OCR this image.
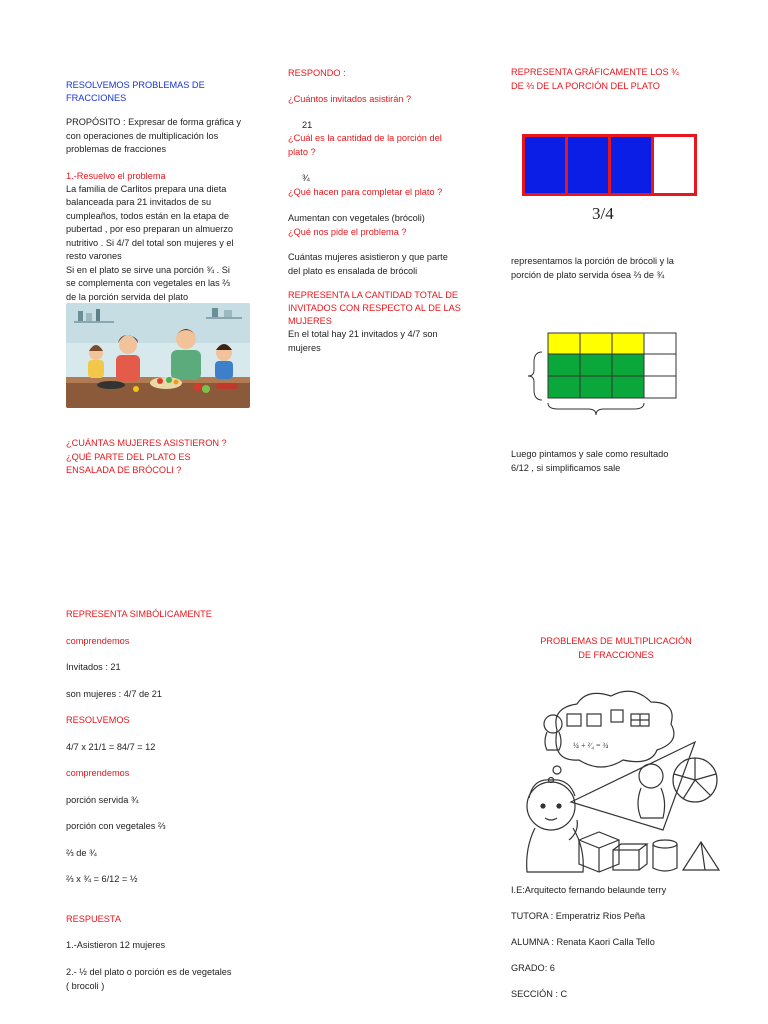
RESOLVEMOS PROBLEMAS DE FRACCIONES

PROPÓSITO : Expresar de forma gráfica y con operaciones de multiplicación los problemas de fracciones

1.-Resuelvo el problema

La familia de Carlitos prepara una dieta
balanceada para 21 invitados de su
cumpleaños, todos están en la etapa de
pubertad , por eso preparan un almuerzo
nutritivo . Si 4/7 del total son mujeres y el
resto varones
Si en el plato se sirve una porción ¾ . Si
se complementa con vegetales en las ⅔
de la porción servida del plato
¿CUÁNTAS MUJERES ASISTIERON ?
¿QUÉ PARTE DEL PLATO ES
ENSALADA DE BRÓCOLI ?

RESPONDO :

¿Cuántos invitados asistirán ?

21

¿Cuál es la cantidad de la porción del
plato ?

¾

¿Qué hacen para completar el plato ?

Aumentan con vegetales (brócoli)

¿Qué nos pide el problema ?

Cuántas mujeres asistieron y que parte
del plato es ensalada de brócoli
REPRESENTA LA CANTIDAD TOTAL DE
INVITADOS CON RESPECTO AL DE LAS
MUJERES
En el total hay 21 invitados y 4/7 son
mujeres
REPRESENTA GRÁFICAMENTE LOS ¾
DE ⅔ DE LA PORCIÓN DEL PLATO
3/4
representamos la porción de brócoli y la
porción de plato servida ósea ⅔ de ¾
Luego pintamos y sale como resultado
6/12 , si simplificamos sale
REPRESENTA SIMBÓLICAMENTE
comprendemos
Invitados : 21
son mujeres : 4/7 de 21
RESOLVEMOS
4/7 x 21/1 = 84/7 = 12
comprendemos
porción servida ¾
porción con vegetales ⅔
⅔ de ¾
⅔ x ¾ = 6/12 = ½
RESPUESTA
1.-Asistieron 12 mujeres
2.- ½ del plato o porción es de vegetales
( brocoli )
PROBLEMAS DE MULTIPLICACIÓN
DE FRACCIONES
¼ + ²⁄₄ = ¾
I.E:Arquitecto fernando belaunde terry
TUTORA : Emperatriz Rios Peña
ALUMNA : Renata Kaori Calla Tello
GRADO: 6
SECCIÓN : C
